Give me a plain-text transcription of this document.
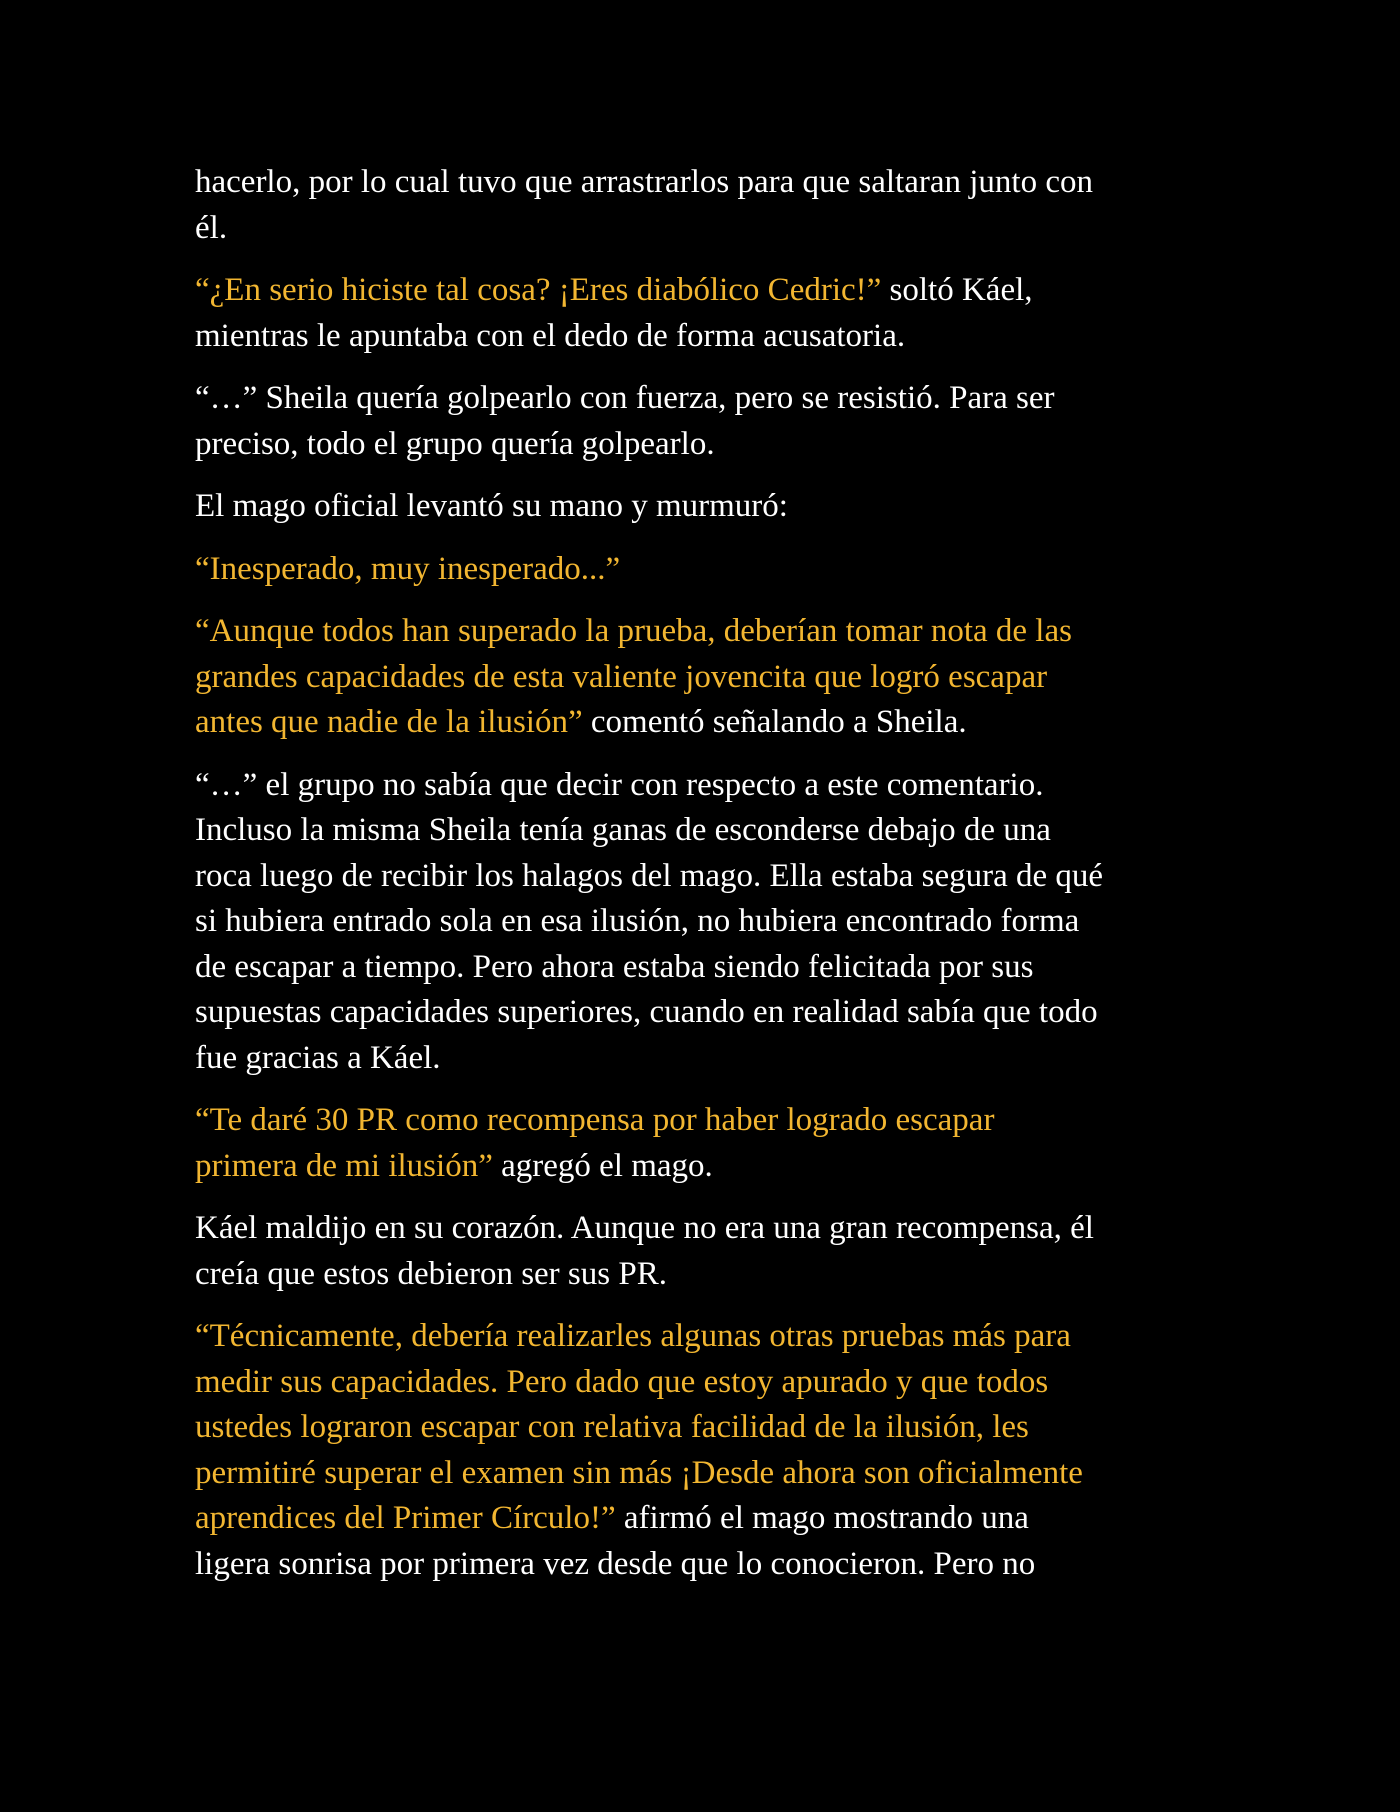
hacerlo, por lo cual tuvo que arrastrarlos para que saltaran junto con
él.

“¿En serio hiciste tal cosa? ¡Eres diabólico Cedric!” soltó Káel,
mientras le apuntaba con el dedo de forma acusatoria.

“…” Sheila quería golpearlo con fuerza, pero se resistió. Para ser
preciso, todo el grupo quería golpearlo.

El mago oficial levantó su mano y murmuró:

“Inesperado, muy inesperado...”

“Aunque todos han superado la prueba, deberían tomar nota de las
grandes capacidades de esta valiente jovencita que logró escapar
antes que nadie de la ilusión” comentó señalando a Sheila.

“…” el grupo no sabía que decir con respecto a este comentario.
Incluso la misma Sheila tenía ganas de esconderse debajo de una
roca luego de recibir los halagos del mago. Ella estaba segura de qué
si hubiera entrado sola en esa ilusión, no hubiera encontrado forma
de escapar a tiempo. Pero ahora estaba siendo felicitada por sus
supuestas capacidades superiores, cuando en realidad sabía que todo
fue gracias a Káel.

“Te daré 30 PR como recompensa por haber logrado escapar
primera de mi ilusión” agregó el mago.

Káel maldijo en su corazón. Aunque no era una gran recompensa, él
creía que estos debieron ser sus PR.

“Técnicamente, debería realizarles algunas otras pruebas más para
medir sus capacidades. Pero dado que estoy apurado y que todos
ustedes lograron escapar con relativa facilidad de la ilusión, les
permitiré superar el examen sin más ¡Desde ahora son oficialmente
aprendices del Primer Círculo!” afirmó el mago mostrando una
ligera sonrisa por primera vez desde que lo conocieron. Pero no
